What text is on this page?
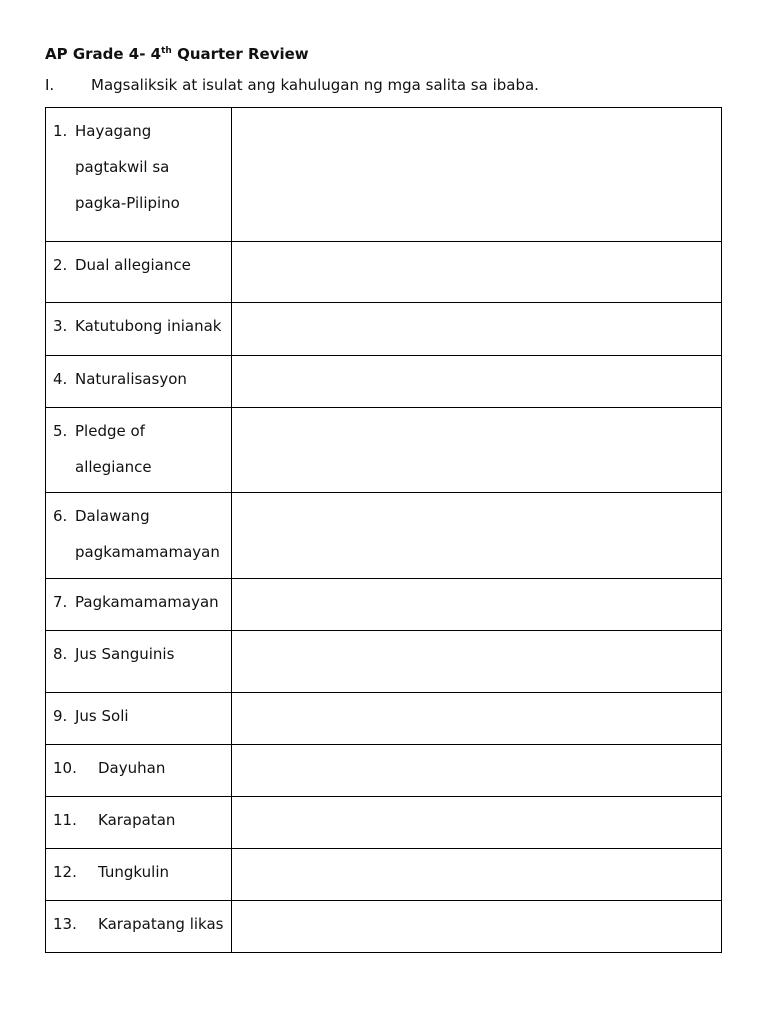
AP Grade 4- 4th Quarter Review
I. Magsaliksik at isulat ang kahulugan ng mga salita sa ibaba.
1. Hayagang
pagtakwil sa
pagka-Pilipino	

2. Dual allegiance	

3. Katutubong inianak	

4. Naturalisasyon	

5. Pledge of
allegiance	

6. Dalawang
pagkamamamayan	

7. Pagkamamamayan	

8. Jus Sanguinis	

9. Jus Soli	

10. Dayuhan	

11. Karapatan	

12. Tungkulin	

13. Karapatang likas	
